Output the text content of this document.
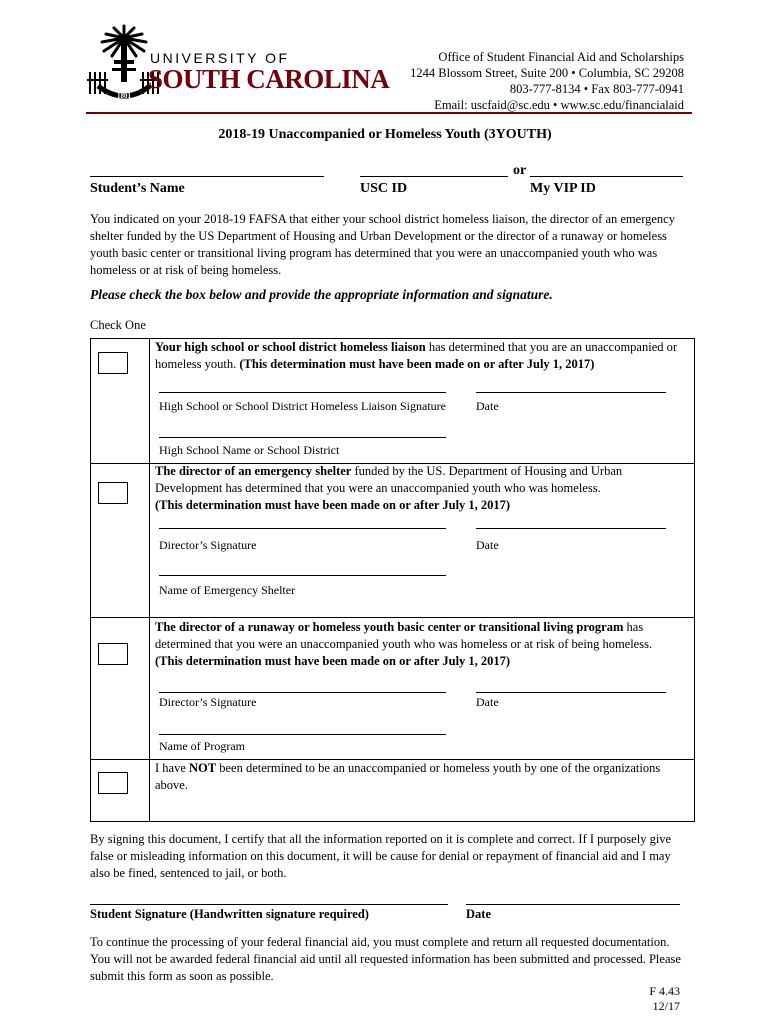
1801
UNIVERSITY OF
SOUTH CAROLINA
Office of Student Financial Aid and Scholarships
1244 Blossom Street, Suite 200 • Columbia, SC 29208
803-777-8134 • Fax 803-777-0941
Email: uscfaid@sc.edu • www.sc.edu/financialaid
2018-19 Unaccompanied or Homeless Youth (3YOUTH)
or
Student’s Name	USC ID	My VIP ID
You indicated on your 2018-19 FAFSA that either your school district homeless liaison, the director of an emergency shelter funded by the US Department of Housing and Urban Development or the director of a runaway or homeless youth basic center or transitional living program has determined that you were an unaccompanied youth who was homeless or at risk of being homeless.
Please check the box below and provide the appropriate information and signature.
Check One
Your high school or school district homeless liaison has determined that you are an unaccompanied or homeless youth. (This determination must have been made on or after July 1, 2017)
High School or School District Homeless Liaison Signature	Date
High School Name or School District
The director of an emergency shelter funded by the US. Department of Housing and Urban Development has determined that you were an unaccompanied youth who was homeless.
(This determination must have been made on or after July 1, 2017)
Director’s Signature	Date
Name of Emergency Shelter
The director of a runaway or homeless youth basic center or transitional living program has determined that you were an unaccompanied youth who was homeless or at risk of being homeless.
(This determination must have been made on or after July 1, 2017)
Director’s Signature	Date
Name of Program
I have NOT been determined to be an unaccompanied or homeless youth by one of the organizations above.
By signing this document, I certify that all the information reported on it is complete and correct. If I purposely give false or misleading information on this document, it will be cause for denial or repayment of financial aid and I may also be fined, sentenced to jail, or both.
Student Signature (Handwritten signature required)	Date
To continue the processing of your federal financial aid, you must complete and return all requested documentation. You will not be awarded federal financial aid until all requested information has been submitted and processed. Please submit this form as soon as possible.
F 4.43
12/17
